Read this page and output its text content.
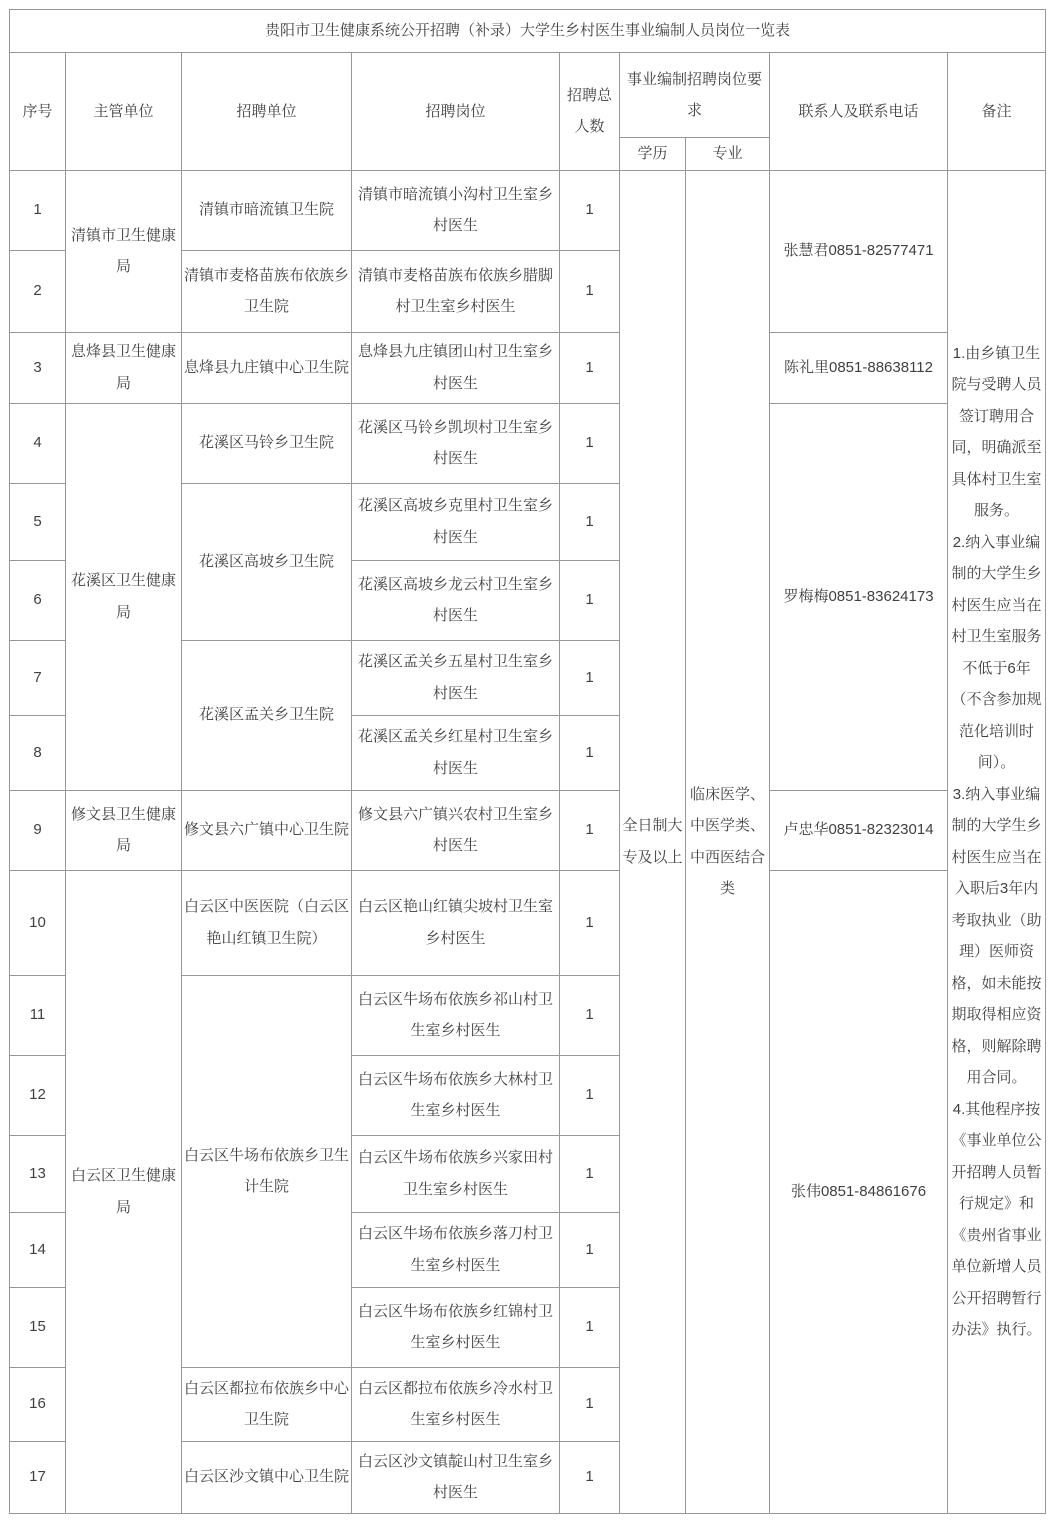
贵阳市卫生健康系统公开招聘（补录）大学生乡村医生事业编制人员岗位一览表								
序号	主管单位	招聘单位	招聘岗位	招聘总人数	事业编制招聘岗位要求		联系人及联系电话	备注
					学历	专业		
1	清镇市卫生健康局	清镇市暗流镇卫生院	清镇市暗流镇小沟村卫生室乡村医生	1	全日制大专及以上	临床医学、中医学类、中西医结合类	张慧君0851-82577471	1.由乡镇卫生院与受聘人员签订聘用合同，明确派至具体村卫生室服务。
2.纳入事业编制的大学生乡村医生应当在村卫生室服务不低于6年（不含参加规范化培训时间）。
3.纳入事业编制的大学生乡村医生应当在入职后3年内考取执业（助理）医师资格，如未能按期取得相应资格，则解除聘用合同。
4.其他程序按《事业单位公开招聘人员暂行规定》和《贵州省事业单位新增人员公开招聘暂行办法》执行。

2		清镇市麦格苗族布依族乡卫生院	清镇市麦格苗族布依族乡腊脚村卫生室乡村医生	1				
3	息烽县卫生健康局	息烽县九庄镇中心卫生院	息烽县九庄镇团山村卫生室乡村医生	1			陈礼里0851-88638112	
4	花溪区卫生健康局	花溪区马铃乡卫生院	花溪区马铃乡凯坝村卫生室乡村医生	1			罗梅梅0851-83624173	
5		花溪区高坡乡卫生院	花溪区高坡乡克里村卫生室乡村医生	1				
6			花溪区高坡乡龙云村卫生室乡村医生	1				
7		花溪区孟关乡卫生院	花溪区孟关乡五星村卫生室乡村医生	1				
8			花溪区孟关乡红星村卫生室乡村医生	1				
9	修文县卫生健康局	修文县六广镇中心卫生院	修文县六广镇兴农村卫生室乡村医生	1			卢忠华0851-82323014	
10	白云区卫生健康局	白云区中医医院（白云区艳山红镇卫生院）	白云区艳山红镇尖坡村卫生室乡村医生	1			张伟0851-84861676	
11		白云区牛场布依族乡卫生计生院	白云区牛场布依族乡祁山村卫生室乡村医生	1				
12			白云区牛场布依族乡大林村卫生室乡村医生	1				
13			白云区牛场布依族乡兴家田村卫生室乡村医生	1				
14			白云区牛场布依族乡落刀村卫生室乡村医生	1				
15			白云区牛场布依族乡红锦村卫生室乡村医生	1				
16		白云区都拉布依族乡中心卫生院	白云区都拉布依族乡冷水村卫生室乡村医生	1				
17		白云区沙文镇中心卫生院	白云区沙文镇靛山村卫生室乡村医生	1				
